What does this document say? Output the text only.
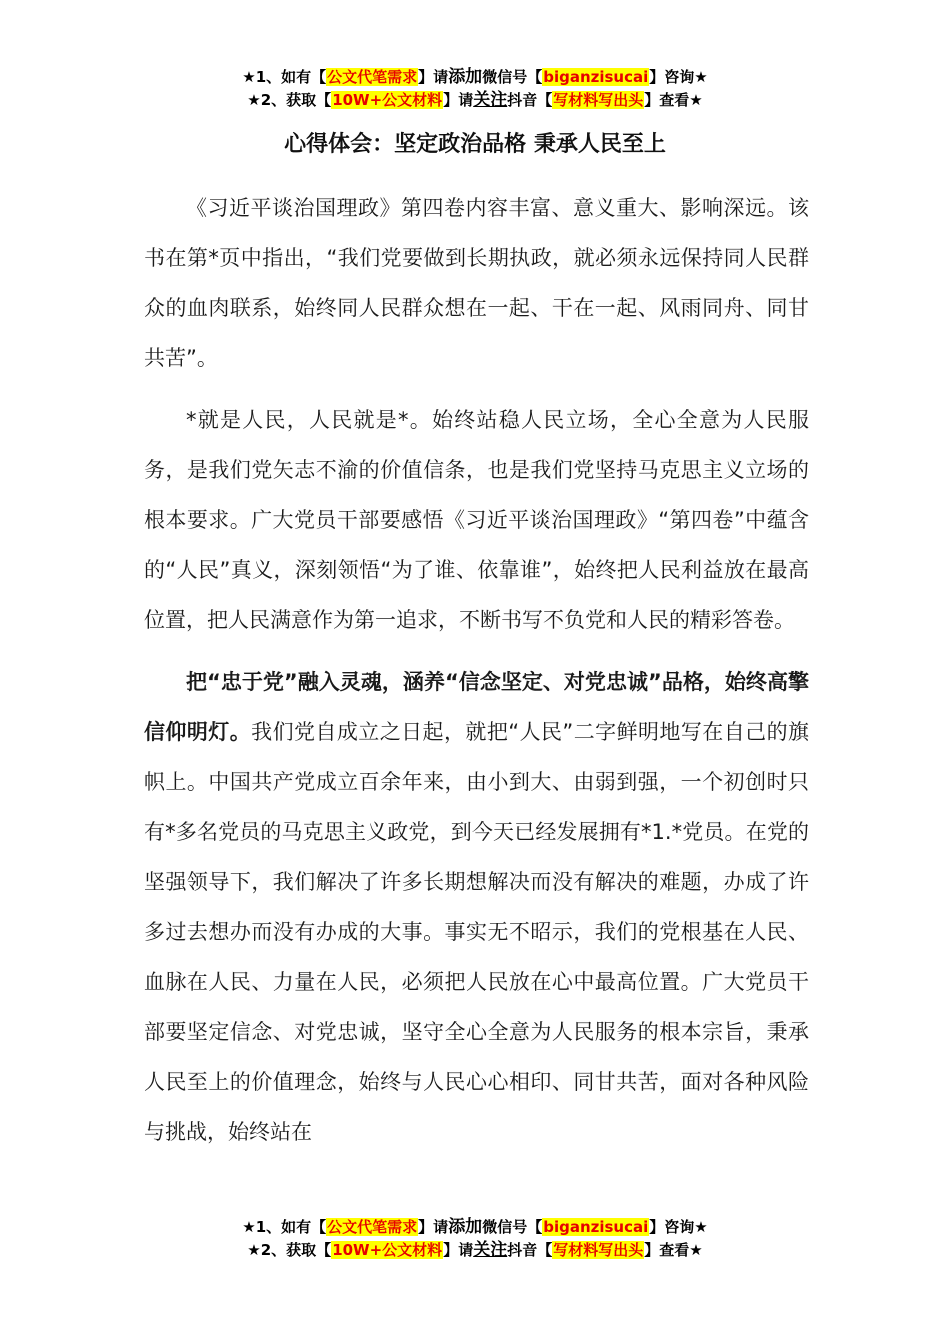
★1、如有【公文代笔需求】请添加微信号【biganzisucai】咨询★
★2、获取【10W+公文材料】请关注抖音【写材料写出头】查看★
心得体会：坚定政治品格 秉承人民至上

《习近平谈治国理政》第四卷内容丰富、意义重大、影响深远。该书在第*页中指出，“我们党要做到长期执政，就必须永远保持同人民群众的血肉联系，始终同人民群众想在一起、干在一起、风雨同舟、同甘共苦”。

*就是人民，人民就是*。始终站稳人民立场，全心全意为人民服务，是我们党矢志不渝的价值信条，也是我们党坚持马克思主义立场的根本要求。广大党员干部要感悟《习近平谈治国理政》“第四卷”中蕴含的“人民”真义，深刻领悟“为了谁、依靠谁”，始终把人民利益放在最高位置，把人民满意作为第一追求，不断书写不负党和人民的精彩答卷。

把“忠于党”融入灵魂，涵养“信念坚定、对党忠诚”品格，始终高擎信仰明灯。我们党自成立之日起，就把“人民”二字鲜明地写在自己的旗帜上。中国共产党成立百余年来，由小到大、由弱到强，一个初创时只有*多名党员的马克思主义政党，到今天已经发展拥有*1.*党员。在党的坚强领导下，我们解决了许多长期想解决而没有解决的难题，办成了许多过去想办而没有办成的大事。事实无不昭示，我们的党根基在人民、血脉在人民、力量在人民，必须把人民放在心中最高位置。广大党员干部要坚定信念、对党忠诚，坚守全心全意为人民服务的根本宗旨，秉承人民至上的价值理念，始终与人民心心相印、同甘共苦，面对各种风险与挑战，始终站在

★1、如有【公文代笔需求】请添加微信号【biganzisucai】咨询★
★2、获取【10W+公文材料】请关注抖音【写材料写出头】查看★
